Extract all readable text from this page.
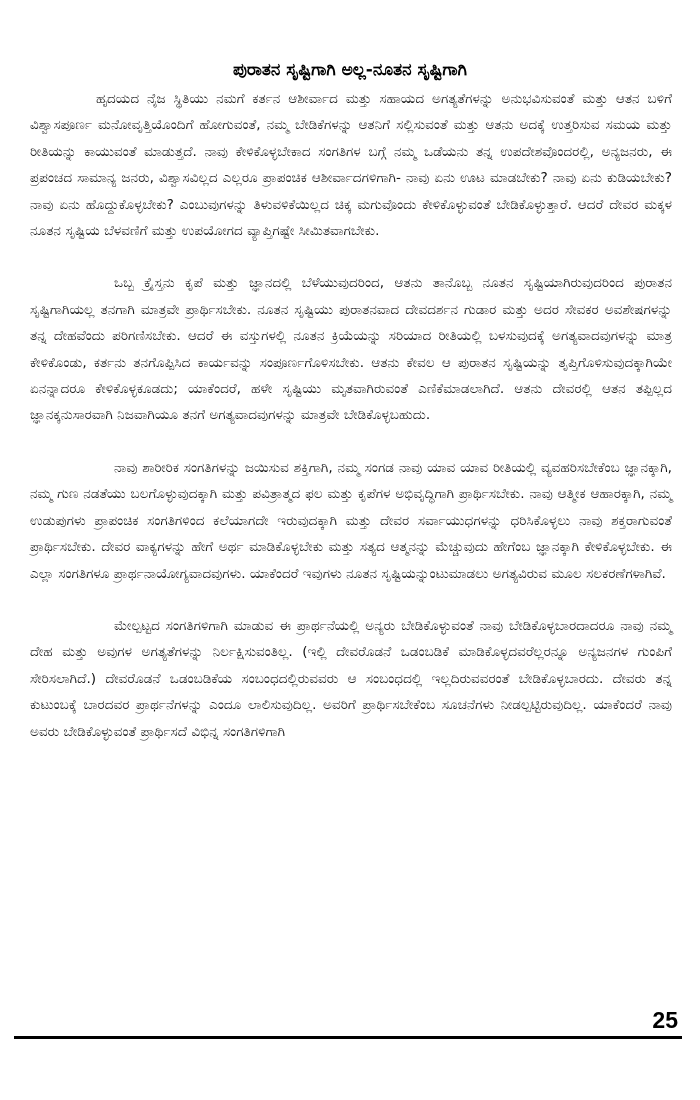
ಪುರಾತನ ಸೃಷ್ಟಿಗಾಗಿ ಅಲ್ಲ-ನೂತನ ಸೃಷ್ಟಿಗಾಗಿ

ಹೃದಯದ ನೈಜ ಸ್ಥಿತಿಯು ನಮಗೆ ಕರ್ತನ ಆಶೀರ್ವಾದ ಮತ್ತು ಸಹಾಯದ ಅಗತ್ಯತೆಗಳನ್ನು ಅನುಭವಿಸುವಂತೆ ಮತ್ತು ಆತನ ಬಳಿಗೆ ವಿಶ್ವಾಸಪೂರ್ಣ ಮನೋವೃತ್ತಿಯೊಂದಿಗೆ ಹೋಗುವಂತೆ, ನಮ್ಮ ಬೇಡಿಕೆಗಳನ್ನು ಆತನಿಗೆ ಸಲ್ಲಿಸುವಂತೆ ಮತ್ತು ಆತನು ಅದಕ್ಕೆ ಉತ್ತರಿಸುವ ಸಮಯ ಮತ್ತು ರೀತಿಯನ್ನು ಕಾಯುವಂತೆ ಮಾಡುತ್ತದೆ. ನಾವು ಕೇಳಿಕೊಳ್ಳಬೇಕಾದ ಸಂಗತಿಗಳ ಬಗ್ಗೆ ನಮ್ಮ ಒಡೆಯನು ತನ್ನ ಉಪದೇಶವೊಂದರಲ್ಲಿ, ಅನ್ಯಜನರು, ಈ ಪ್ರಪಂಚದ ಸಾಮಾನ್ಯ ಜನರು, ವಿಶ್ವಾಸವಿಲ್ಲದ ಎಲ್ಲರೂ ಪ್ರಾಪಂಚಿಕ ಆಶೀರ್ವಾದಗಳಿಗಾಗಿ- ನಾವು ಏನು ಊಟ ಮಾಡಬೇಕು? ನಾವು ಏನು ಕುಡಿಯಬೇಕು? ನಾವು ಏನು ಹೊದ್ದುಕೊಳ್ಳಬೇಕು? ಎಂಬುವುಗಳನ್ನು ತಿಳುವಳಿಕೆಯಿಲ್ಲದ ಚಿಕ್ಕ ಮಗುವೊಂದು ಕೇಳಿಕೊಳ್ಳುವಂತೆ ಬೇಡಿಕೊಳ್ಳುತ್ತಾರೆ. ಆದರೆ ದೇವರ ಮಕ್ಕಳ ನೂತನ ಸೃಷ್ಟಿಯ ಬೆಳವಣಿಗೆ ಮತ್ತು ಉಪಯೋಗದ ವ್ಯಾಪ್ತಿಗಷ್ಟೇ ಸೀಮಿತವಾಗಬೇಕು.

ಒಬ್ಬ ಕ್ರೈಸ್ತನು ಕೃಪೆ ಮತ್ತು ಜ್ಞಾನದಲ್ಲಿ ಬೆಳೆಯುವುದರಿಂದ, ಆತನು ತಾನೊಬ್ಬ ನೂತನ ಸೃಷ್ಟಿಯಾಗಿರುವುದರಿಂದ ಪುರಾತನ ಸೃಷ್ಟಿಗಾಗಿಯಲ್ಲ ತನಗಾಗಿ ಮಾತ್ರವೇ ಪ್ರಾರ್ಥಿಸಬೇಕು. ನೂತನ ಸೃಷ್ಟಿಯು ಪುರಾತನವಾದ ದೇವದರ್ಶನ ಗುಡಾರ ಮತ್ತು ಅದರ ಸೇವಕರ ಅವಶೇಷಗಳನ್ನು ತನ್ನ ದೇಹವೆಂದು ಪರಿಗಣಿಸಬೇಕು. ಆದರೆ ಈ ವಸ್ತುಗಳಲ್ಲಿ ನೂತನ ಕ್ರಿಯೆಯನ್ನು ಸರಿಯಾದ ರೀತಿಯಲ್ಲಿ ಬಳಸುವುದಕ್ಕೆ ಅಗತ್ಯವಾದವುಗಳನ್ನು ಮಾತ್ರ ಕೇಳಿಕೊಂಡು, ಕರ್ತನು ತನಗೊಪ್ಪಿಸಿದ ಕಾರ್ಯವನ್ನು ಸಂಪೂರ್ಣಗೊಳಿಸಬೇಕು. ಆತನು ಕೇವಲ ಆ ಪುರಾತನ ಸೃಷ್ಟಿಯನ್ನು ತೃಪ್ತಿಗೊಳಿಸುವುದಕ್ಕಾಗಿಯೇ ಏನನ್ನಾದರೂ ಕೇಳಿಕೊಳ್ಳಕೂಡದು; ಯಾಕೆಂದರೆ, ಹಳೇ ಸೃಷ್ಟಿಯು ಮೃತವಾಗಿರುವಂತೆ ಎಣಿಕೆಮಾಡಲಾಗಿದೆ. ಆತನು ದೇವರಲ್ಲಿ ಆತನ ತಪ್ಪಿಲ್ಲದ ಜ್ಞಾನಕ್ಕನುಸಾರವಾಗಿ ನಿಜವಾಗಿಯೂ ತನಗೆ ಅಗತ್ಯವಾದವುಗಳನ್ನು ಮಾತ್ರವೇ ಬೇಡಿಕೊಳ್ಳಬಹುದು.

ನಾವು ಶಾರೀರಿಕ ಸಂಗತಿಗಳನ್ನು ಜಯಿಸುವ ಶಕ್ತಿಗಾಗಿ, ನಮ್ಮ ಸಂಗಡ ನಾವು ಯಾವ ಯಾವ ರೀತಿಯಲ್ಲಿ ವ್ಯವಹರಿಸಬೇಕೆಂಬ ಜ್ಞಾನಕ್ಕಾಗಿ, ನಮ್ಮ ಗುಣ ನಡತೆಯು ಬಲಗೊಳ್ಳುವುದಕ್ಕಾಗಿ ಮತ್ತು ಪವಿತ್ರಾತ್ಮದ ಫಲ ಮತ್ತು ಕೃಪೆಗಳ ಅಭಿವೃದ್ಧಿಗಾಗಿ ಪ್ರಾರ್ಥಿಸಬೇಕು. ನಾವು ಆತ್ಮೀಕ ಆಹಾರಕ್ಕಾಗಿ, ನಮ್ಮ ಉಡುಪುಗಳು ಪ್ರಾಪಂಚಿಕ ಸಂಗತಿಗಳಿಂದ ಕಲೆಯಾಗದೇ ಇರುವುದಕ್ಕಾಗಿ ಮತ್ತು ದೇವರ ಸರ್ವಾಯುಧಗಳನ್ನು ಧರಿಸಿಕೊಳ್ಳಲು ನಾವು ಶಕ್ತರಾಗುವಂತೆ ಪ್ರಾರ್ಥಿಸಬೇಕು. ದೇವರ ವಾಕ್ಯಗಳನ್ನು ಹೇಗೆ ಅರ್ಥ ಮಾಡಿಕೊಳ್ಳಬೇಕು ಮತ್ತು ಸತ್ಯದ ಆತ್ಮನನ್ನು ಮೆಚ್ಚುವುದು ಹೇಗೆಂಬ ಜ್ಞಾನಕ್ಕಾಗಿ ಕೇಳಿಕೊಳ್ಳಬೇಕು. ಈ ಎಲ್ಲಾ ಸಂಗತಿಗಳೂ ಪ್ರಾರ್ಥನಾಯೋಗ್ಯವಾದವುಗಳು. ಯಾಕೆಂದರೆ ಇವುಗಳು ನೂತನ ಸೃಷ್ಟಿಯನ್ನುಂಟುಮಾಡಲು ಅಗತ್ಯವಿರುವ ಮೂಲ ಸಲಕರಣೆಗಳಾಗಿವೆ.

ಮೇಲ್ಪಟ್ಟದ ಸಂಗತಿಗಳಿಗಾಗಿ ಮಾಡುವ ಈ ಪ್ರಾರ್ಥನೆಯಲ್ಲಿ ಅನ್ಯರು ಬೇಡಿಕೊಳ್ಳುವಂತೆ ನಾವು ಬೇಡಿಕೊಳ್ಳಬಾರದಾದರೂ ನಾವು ನಮ್ಮ ದೇಹ ಮತ್ತು ಅವುಗಳ ಅಗತ್ಯತೆಗಳನ್ನು ನಿರ್ಲಕ್ಷಿಸುವಂತಿಲ್ಲ. (ಇಲ್ಲಿ ದೇವರೊಡನೆ ಒಡಂಬಡಿಕೆ ಮಾಡಿಕೊಳ್ಳದವರೆಲ್ಲರನ್ನೂ ಅನ್ಯಜನಗಳ ಗುಂಪಿಗೆ ಸೇರಿಸಲಾಗಿದೆ.) ದೇವರೊಡನೆ ಒಡಂಬಡಿಕೆಯ ಸಂಬಂಧದಲ್ಲಿರುವವರು ಆ ಸಂಬಂಧದಲ್ಲಿ ಇಲ್ಲದಿರುವವರಂತೆ ಬೇಡಿಕೊಳ್ಳಬಾರದು. ದೇವರು ತನ್ನ ಕುಟುಂಬಕ್ಕೆ ಬಾರದವರ ಪ್ರಾರ್ಥನೆಗಳನ್ನು ಎಂದೂ ಲಾಲಿಸುವುದಿಲ್ಲ. ಅವರಿಗೆ ಪ್ರಾರ್ಥಿಸಬೇಕೆಂಬ ಸೂಚನೆಗಳು ನೀಡಲ್ಪಟ್ಟಿರುವುದಿಲ್ಲ. ಯಾಕೆಂದರೆ ನಾವು ಅವರು ಬೇಡಿಕೊಳ್ಳುವಂತೆ ಪ್ರಾರ್ಥಿಸದೆ ವಿಭಿನ್ನ ಸಂಗತಿಗಳಿಗಾಗಿ

25
